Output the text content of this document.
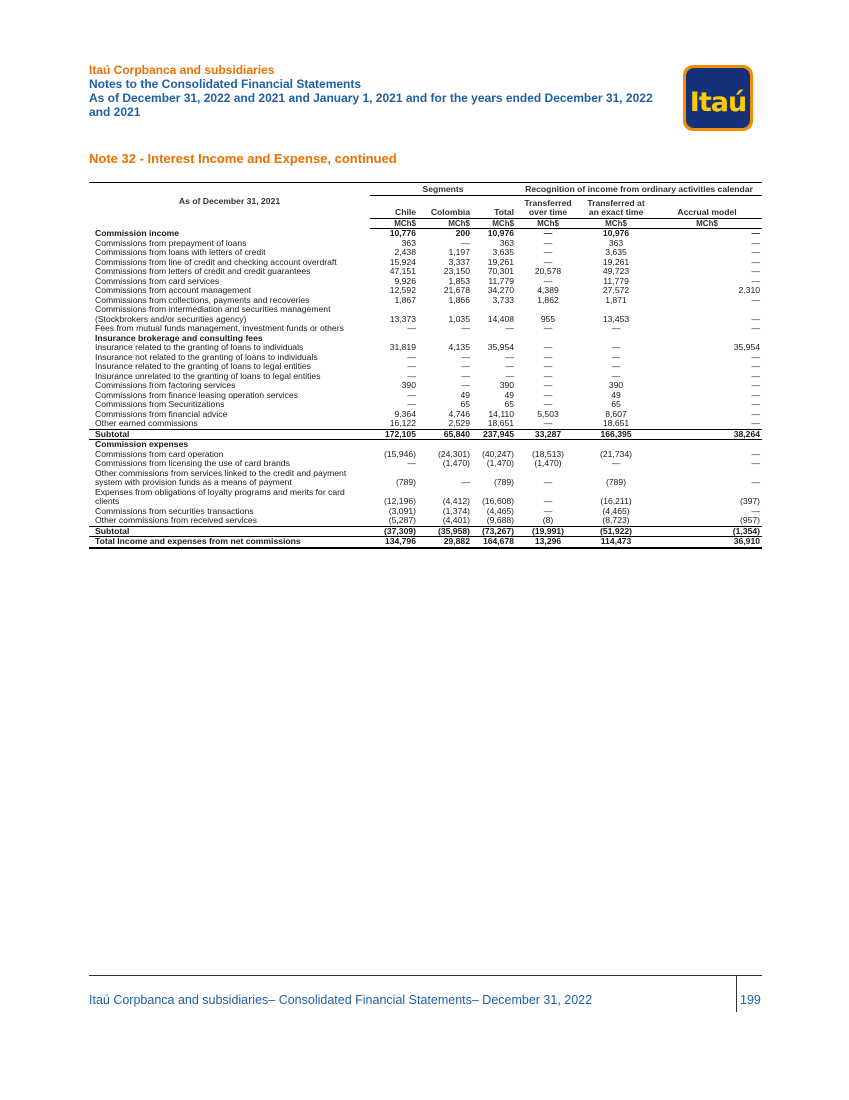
Itaú Corpbanca and subsidiaries
Notes to the Consolidated Financial Statements
As of December 31, 2022 and 2021 and January 1, 2021 and for the years ended December 31, 2022
and 2021	Itaú
Note 32 - Interest Income and Expense, continued
As of December 31, 2021	Segments			Recognition of income from ordinary activities calendar		
	Chile	Colombia	Total	Transferred over time	Transferred at an exact time	Accrual model
	MCh$	MCh$	MCh$	MCh$	MCh$	MCh$
Commission income	10,776	200	10,976	—	10,976	—
Commissions from prepayment of loans	363	—	363	—	363	—
Commissions from loans with letters of credit	2,438	1,197	3,635	—	3,635	—
Commissions from line of credit and checking account overdraft	15,924	3,337	19,261	—	19,261	—
Commissions from letters of credit and credit guarantees	47,151	23,150	70,301	20,578	49,723	—
Commissions from card services	9,926	1,853	11,779	—	11,779	—
Commissions from account management	12,592	21,678	34,270	4,389	27,572	2,310
Commissions from collections, payments and recoveries	1,867	1,866	3,733	1,862	1,871	—
Commissions from intermediation and securities management (Stockbrokers and/or securities agency)	13,373	1,035	14,408	955	13,453	—
Fees from mutual funds management, investment funds or others	—	—	—	—	—	—
Insurance brokerage and consulting fees						
Insurance related to the granting of loans to individuals	31,819	4,135	35,954	—	—	35,954
Insurance not related to the granting of loans to individuals	—	—	—	—	—	—
Insurance related to the granting of loans to legal entities	—	—	—	—	—	—
Insurance unrelated to the granting of loans to legal entities	—	—	—	—	—	—
Commissions from factoring services	390	—	390	—	390	—
Commissions from finance leasing operation services	—	49	49	—	49	—
Commissions from Securitizations	—	65	65	—	65	—
Commissions from financial advice	9,364	4,746	14,110	5,503	8,607	—
Other earned commissions	16,122	2,529	18,651	—	18,651	—
Subtotal	172,105	65,840	237,945	33,287	166,395	38,264
Commission expenses						
Commissions from card operation	(15,946)	(24,301)	(40,247)	(18,513)	(21,734)	—
Commissions from licensing the use of card brands	—	(1,470)	(1,470)	(1,470)	—	—
Other commissions from services linked to the credit and payment system with provision funds as a means of payment	(789)	—	(789)	—	(789)	—
Expenses from obligations of loyalty programs and merits for card clients	(12,196)	(4,412)	(16,608)	—	(16,211)	(397)
Commissions from securities transactions	(3,091)	(1,374)	(4,465)	—	(4,465)	—
Other commissions from received services	(5,287)	(4,401)	(9,688)	(8)	(8,723)	(957)
Subtotal	(37,309)	(35,958)	(73,267)	(19,991)	(51,922)	(1,354)
Total Income and expenses from net commissions	134,796	29,882	164,678	13,296	114,473	36,910
Itaú Corpbanca and subsidiaries– Consolidated Financial Statements– December 31, 2022	199
